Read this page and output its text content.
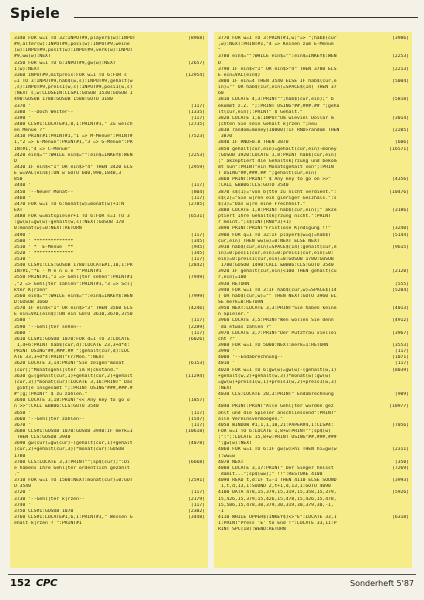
Spiele
3340 FOR w=1 TO 32:INPUT#9,player$(w):INPUT	[8968]
#9,alter(w):INPUT#9,posi(w):INPUT#9,weine
(w):INPUT#9,posit(w):INPUT#9,verk(w):INPUT
#9,ww(w):NEXT
3350 FOR w=1 TO 6:INPUT#9,gw(w):NEXT	[2657]
1:w):NEXT
3360 INPUT#9,mitpreis:FOR w=1 TO 6:FOR s	[12954]
=1 TO 3:INPUT#9,hab$(w,s):INPUT#9,gehalt(w
,s):INPUT#9,preis1(w,s):INPUT#9,posi1(w,s)
:NEXT s,w:CLOSEIN:CLS#1:GOSUB 1530:GOSUB 1
490:GOSUB 1780:GOSUB 1580:GOTO 3180
3370 '	[117]
3380 '--Doch Weiter--	[1335]
3390 '	[117]
3400 CLS#1:LOCATE#1,8,1:PRINT#1," Zu welch	[2735]
en Menue ?"
3410 PRINT#1:PRINT#1,"1 => M-Menue":PRINT#	[7523]
1,"2 => E-Menue":PRINT#1,"3 => G-Menue":PR
INT#1,"4 => C-Menue"
3420 ein$="":WHILE ein$="":ein$=INKEY$:WEN	[2253]
D
3430 IF ein$<"1" OR ein$>"4" THEN 3420 ELS	[2959]
E w=VAL(ein$):ON w GOTO 600,990,1840,3
850
3440 '	[117]
3450 '--Neuer Monat--	[804]
3460 '	[117]
3470 FOR w=1 TO 6:monat(w)=monat(w)+1:N	[2785]
EXT
3480 FOR w=mitspieler+1 TO 6:FOR s=1 TO 3	[6531]
:gw(w)=gw(w)-gehalt(w,s):NEXT:GOSUB 178
0:monat(w)=0:NEXT:RETURN
3490 '	[117]
3500 ' **************	[345]
3510 ' *  E-Menue  **	[945]
3520 ' **************	[345]
3530 '	[117]
3540 CLS#1:CLS:GOSUB 1780:LOCATE#1,10,1:PR	[2842]
INT#1,"*E - M e n u e *"PRINT#1
3550 PRINT#1,"1 => Gehl|ter sehen":PRINT#1	[7949]
,"2 => Gehl|ter zahlen":PRINT#1,"3 => Scl|
kter K|rzen"
3560 ein$="":WHILE ein$="":ein$=INKEY$:WEN	[7999]
D:GOSUB 1660
3570 IF ein$<"1" OR ein$>"3" THEN 3560 ELS	[4246]
E ein=VAL(ein$):ON ein GOTO 3610,3670,3750
3580 '	[117]
3590 '--Gehl|ter sehen--	[2289]
3600 '	[117]
3610 CLS#1:GOSUB 1070:FOR d=1 TO 3:LOCATE	[6026]
1,d+6:PRINT hab$(cur,d):LOCATE 23,3+d*4:
PRINT USING"##,###.## ";gehalt(cur,d):LOC
ATE 33,3+d*4:PRINT"Fr/Mon.":NEXT
3620 LOCATE 3,14:PRINT"Sie zeigen"monat	[6153]
(cur);"Monatsgehl|lter im R|ckstand."
3630 g=(gehalt(cur,1)+gehalt(cur,2)+gehalt	[11294]
(cur,3))*monat(cur):LOCATE 3,16:PRINT" Das
gibt|e insgesamt ";:PRINT USING"###,###.#
#";g;:PRINT" $ zu zahlen."
3640 LOCATE 3,18:PRINT"<< Any key to go o	[1857]
n >>":CALL &BB06:CLS:GOTO 3540
3650 '	[117]
3660 '--Gehl|ter zahlen--	[1547]
3670 '	[117]
3680 CLS#1:GOSUB 1070:GOSUB 3940:IF merk=1	[10618]
THEN CLS:GOSUB 3940
3690 gw(cur)=gw(cur)-(gehalt(cur,1)+gehalt	[4078]
(cur,2)+gehalt(cur,3))*monat(cur):GOSUB
1780
3700 CLS:LOCATE 3,3:PRINT"";sp$(cur);":Di	[6668]
e habens Ihre Gehl|ter ordentlich gezahlt
."
3710 FOR w=1 TO 1500:NEXT:monat(cur)=0:GOT	[2591]
O 3540
3720 '	[117]
3730 '--Gehl|ter k|rzen--	[2179]
3740 '	[117]
3750 CLS#1:GOSUB 1070	[2302]
3760 CLS#1:LOCATE#1,6,1:PRINT#1," Wessen G	[3448]
ehalt k|rzen ? ":PRINT#1
3770 FOR w=1 TO 3:PRINT#1,w;"=> ";hab$(cur	[3986]
,w):NEXT:PRINT#1,"4 => Keinen zum E-Menue
"
3780 ein$="":WHILE ein$="":ein$=INKEY$:WEN	[2253]
D
3790 IF ein$<"1" OR ein$>"4" THEN 3780 ELS	[2213]
E ein=VAL(ein$)
3800 IF ein=4 THEN 3540 ELSE IF hab$(cur,e	[5004]
in)="" OR hab$(cur,ein)=SPACE$(14) THEN 37
60
3810 LOCATE 4,3:PRINT"";hab$(cur,ein);" b	[5818]
ekommt z.Z. ";:PRINT USING"##,###.## ";geha
lt(cur,ein);:PRINT" $ Gehalt."
3820 LOCATE 1,6:INPUT"Um wieviel Dollar m	[3014]
|chten Sie sein Gehalt k|rzen ";neu
3830 random=money(10000):IF RND>random THEN	[2205]
3870
3840 IF RND>0.8 THEN 3870	[606]
3850 gehalt(cur,ein)=gehalt(cur,ein)-money	[16571]
:GOSUB 3920:LOCATE 1,8:PRINT hab$(cur,ein)
;" akzeptiert die Gehaltsk|rzung und bekom
mt nun":PRINT"ein Monatsgehalt von";:PRIN
T USING"##,###.## ";gehalt(cur,ein)
3860 PRINT:PRINT" $ Any key to go on >>"	[4356]
:CALL &BB06:CLS:GOTO 3540
3870 s$(1)="von b|tte zu nicht verdient.":	[10476]
s$(2)="Sie w|ren ein gieriger Geizhals.":s
$(3)="Das w|re eine Frechheit."
3880 LOCATE 1,8:PRINT hab$(cur,ein);" akze	[3186]
ptiert Ihre Gehaltsk|rzung nicht.":PRINT
r meint.";s$(INT(RND*3)+1)
3890 PRINT:PRINT"Fristlose K|ndigung !!"	[3240]
3900 FOR q=1 TO 32:IF player$(w=q)=hab$(	[5144]
cur,ein) THEN ww(w)=0:NEXT ELSE NEXT
3910 hab$(cur,ein)=SPACE$(14):gehalt(cur,e	[9615]
in)=0:posi1(cur,ein)=0:preis1(cur,ein)=0:
ein)=0:preis1(cur,ein)=0:GOSUB 1780:GOSUB
1780:GOSUB 1490:CALL &BB06:CLS:GOTO 3540
3920 IF gehalt(cur,ein)<100 THEN gehalt(cu	[2120]
r,ein)=100
3930 RETURN	[555]
3940 FOR w=1 TO 3:IF hab$(cur,w)=SPACE$(14	[5204]
) OR hab$(cur,w)="" THEN NEXT:GOTO 3960 EL
SE merk=0:RETURN
3950 NEXT:LOCATE 3,3:PRINT"Sie haben keine	[4013]
n Spieler."
3960 LOCATE 3,5:PRINT"Wen wollen Sie denn	[4912]
da etwas zahlen ?"
3970 LOCATE 3,7:PRINT"Der Putzfrau viellei	[3967]
cht ?"
3980 FOR w=1 TO 5000:NEXT:merk=1:RETURN	[3553]
3990 '	[117]
4000 '--Endabrechnung--	[1071]
4010 '	[117]
4020 FOR w=1 TO 6:gw(w)=gw(w)-(gehalt(w,1)	[8039]
+gehalt(w,2)+gehalt(w,3))*monat(w):gw(w)
=gw(w)+preis1(w,1)+preis1(w,2)+preis1(w,3)
:NEXT
4030 CLS:LOCATE 20,3:PRINT" Endabrechnung	[909]
"
4040 PRINT:PRINT"Alle Gehl|ter wurden gez	[10977]
ahlt und die Spieler anschliessend":PRINT"
alle Vereinsvermoegen."
4050 WINDOW #1,1,1,10,21:PAPER#4,1:CLS#4:	[7056]
FOR w=1 TO 6:LOCATE 1,8+w:PRINT"";sp$(w)
;":";:LOCATE 15,8+w:PRINT USING"##,###,###
";gw(w):NEXT
4060 FOR w=1 TO 6:IF gw(w)>hi THEN hi=gw(w	[2311]
):ww=w
4070 NEXT	[350]
4080 LOCATE 3,17:PRINT" Der Sieger heisst	[7269]
damit...";sp$(ww);" !!":RESTORE 4100
4090 READ t,d:IF t=-1 THEN 4110 ELSE SOUND	[3993]
1,t,d,13,1:SOUND 2,t+1,d,13,1:GOTO 4090
4100 DATA 478,15,379,15,319,15,358,15,379,	[5926]
15,426,15,379,15,426,15,478,15,426,15,478,
15,506,15,478,30,379,30,319,30,379,30,-1,
-1
4110 WHILE UPPER$(INKEY$)<>"E":LOCATE 33,1	[6318]
1:PRINT"Press 'E' to End !":LOCATE 33,11:P
RINT SPC(18):WEND:RETURN
152 CPC	Sonderheft 5'87
